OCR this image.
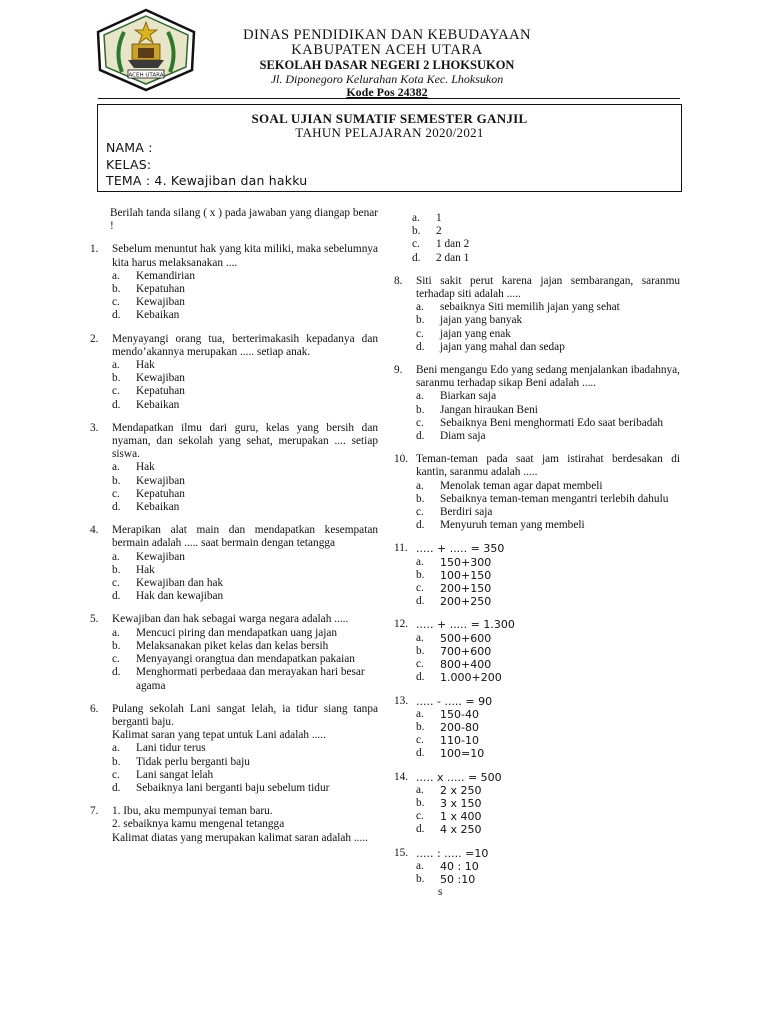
ACEH UTARA
DINAS PENDIDIKAN DAN KEBUDAYAAN
KABUPATEN ACEH UTARA
SEKOLAH DASAR NEGERI 2 LHOKSUKON
Jl. Diponegoro Kelurahan Kota Kec. Lhoksukon
Kode Pos 24382
SOAL UJIAN SUMATIF SEMESTER GANJIL
TAHUN PELAJARAN 2020/2021
NAMA :
KELAS:
TEMA : 4. Kewajiban dan hakku
Berilah tanda silang ( x ) pada jawaban yang diangap benar !
1.	Sebelum menuntut hak yang kita miliki, maka sebelumnya kita harus melaksanakan ....

a.	Kemandirian
b.	Kepatuhan
c.	Kewajiban
d.	Kebaikan
2.	Menyayangi orang tua, berterimakasih kepadanya dan mendo’akannya merupakan ..... setiap anak.

a.	Hak
b.	Kewajiban
c.	Kepatuhan
d.	Kebaikan
3.	Mendapatkan ilmu dari guru, kelas yang bersih dan nyaman, dan sekolah yang sehat, merupakan .... setiap siswa.

a.	Hak
b.	Kewajiban
c.	Kepatuhan
d.	Kebaikan
4.	Merapikan alat main dan mendapatkan kesempatan bermain adalah ..... saat bermain dengan tetangga

a.	Kewajiban
b.	Hak
c.	Kewajiban dan hak
d.	Hak dan kewajiban
5.	Kewajiban dan hak sebagai warga negara adalah .....

a.	Mencuci piring dan mendapatkan uang jajan
b.	Melaksanakan piket kelas dan kelas bersih
c.	Menyayangi orangtua dan mendapatkan pakaian
d.	Menghormati perbedaaa dan merayakan hari besar agama
6.	Pulang sekolah Lani sangat lelah, ia tidur siang tanpa berganti baju.

Kalimat saran yang tepat untuk Lani adalah .....

a.	Lani tidur terus
b.	Tidak perlu berganti baju
c.	Lani sangat lelah
d.	Sebaiknya lani berganti baju sebelum tidur
7.	1. Ibu, aku mempunyai teman baru.

2. sebaiknya kamu mengenal tetangga

Kalimat diatas yang merupakan kalimat saran adalah .....

a.	1
b.	2
c.	1 dan 2
d.	2 dan 1
8.	Siti sakit perut karena jajan sembarangan, saranmu terhadap siti adalah .....

a.	sebaiknya Siti memilih jajan yang sehat
b.	jajan yang banyak
c.	jajan yang enak
d.	jajan yang mahal dan sedap
9.	Beni mengangu Edo yang sedang menjalankan ibadahnya, saranmu terhadap sikap Beni adalah .....

a.	Biarkan saja
b.	Jangan hiraukan Beni
c.	Sebaiknya Beni menghormati Edo saat beribadah
d.	Diam saja
10. Teman-teman pada saat jam istirahat berdesakan di kantin, saranmu adalah .....

a.	Menolak teman agar dapat membeli
b.	Sebaiknya teman-teman mengantri terlebih dahulu
c.	Berdiri saja
d.	Menyuruh teman yang membeli
11. ..... + ..... = 350

a.	150+300
b.	100+150
c.	200+150
d.	200+250
12. ..... + ..... = 1.300

a.	500+600
b.	700+600
c.	800+400
d.	1.000+200
13. ..... - ..... = 90

a.	150-40
b.	200-80
c.	110-10
d.	100=10
14. ..... x ..... = 500

a.	2 x 250
b.	3 x 150
c.	1 x 400
d.	4 x 250
15. ..... : ..... =10

a.	40 : 10
b.	50 :10
s
